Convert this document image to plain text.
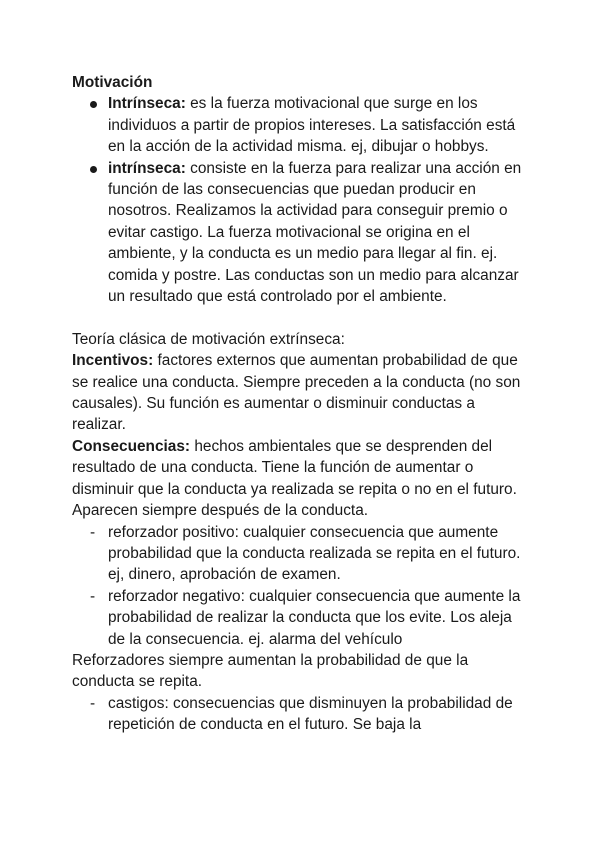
Motivación

Intrínseca: es la fuerza motivacional que surge en los individuos a partir de propios intereses. La satisfacción está en la acción de la actividad misma. ej, dibujar o hobbys.
intrínseca: consiste en la fuerza para realizar una acción en función de las consecuencias que puedan producir en nosotros. Realizamos la actividad para conseguir premio o evitar castigo. La fuerza motivacional se origina en el ambiente, y la conducta es un medio para llegar al fin. ej. comida y postre. Las conductas son un medio para alcanzar un resultado que está controlado por el ambiente.

Teoría clásica de motivación extrínseca:

Incentivos: factores externos que aumentan probabilidad de que se realice una conducta. Siempre preceden a la conducta (no son causales). Su función es aumentar o disminuir conductas a realizar.

Consecuencias: hechos ambientales que se desprenden del resultado de una conducta. Tiene la función de aumentar o disminuir que la conducta ya realizada se repita o no en el futuro. Aparecen siempre después de la conducta.

- reforzador positivo: cualquier consecuencia que aumente probabilidad que la conducta realizada se repita en el futuro. ej, dinero, aprobación de examen.
- reforzador negativo: cualquier consecuencia que aumente la probabilidad de realizar la conducta que los evite. Los aleja de la consecuencia. ej. alarma del vehículo

Reforzadores siempre aumentan la probabilidad de que la conducta se repita.

- castigos: consecuencias que disminuyen la probabilidad de repetición de conducta en el futuro. Se baja la
